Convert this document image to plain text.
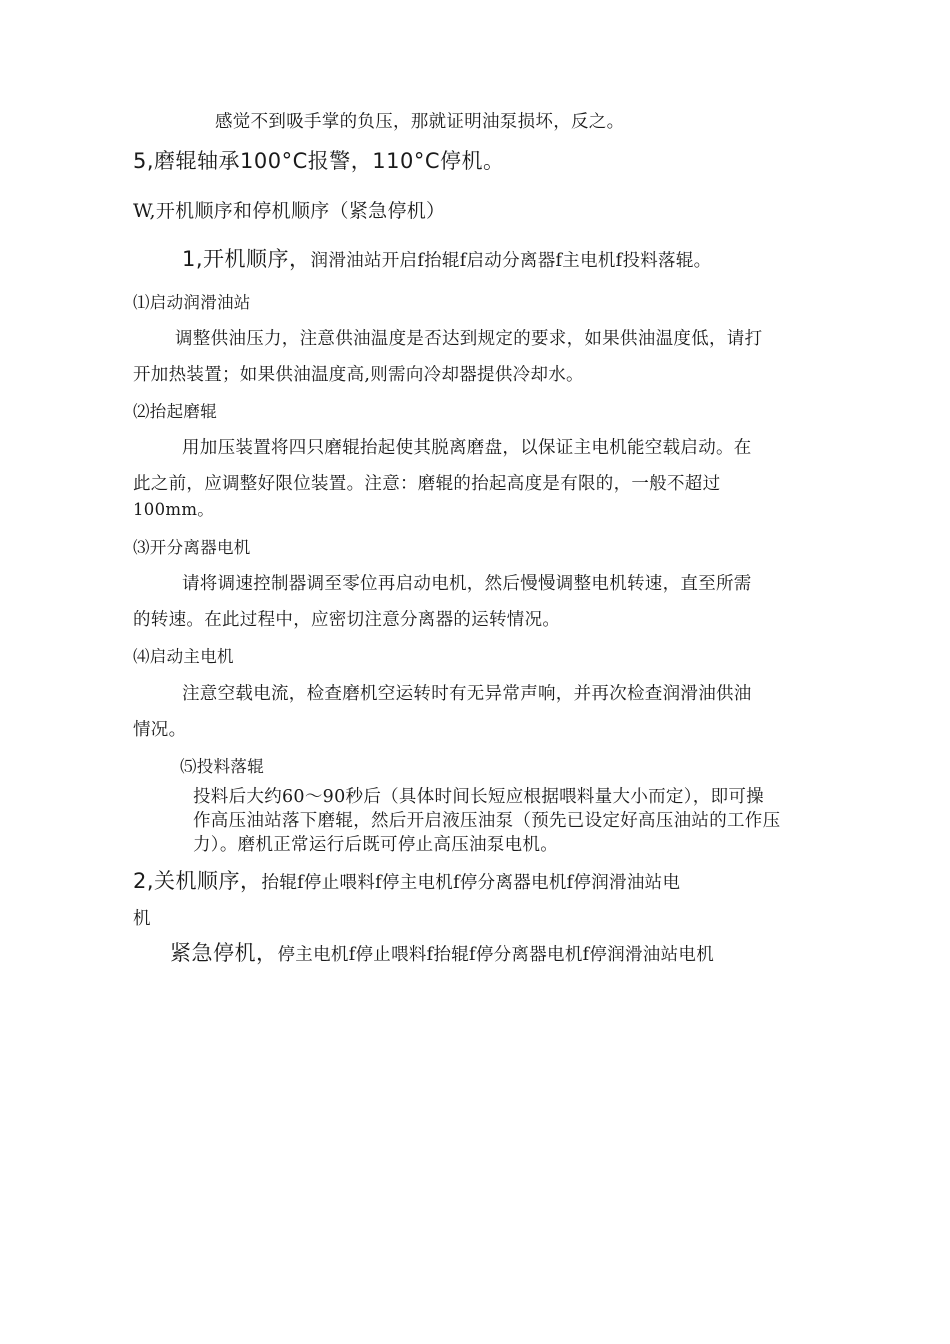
感觉不到吸手掌的负压，那就证明油泵损坏，反之。
5,磨辊轴承100°C报警，110°C停机。
W,开机顺序和停机顺序（紧急停机）
1,开机顺序，润滑油站开启f抬辊f启动分离器f主电机f投料落辊。
⑴启动润滑油站
调整供油压力，注意供油温度是否达到规定的要求，如果供油温度低，请打
开加热装置；如果供油温度高,则需向冷却器提供冷却水。
⑵抬起磨辊
用加压装置将四只磨辊抬起使其脱离磨盘，以保证主电机能空载启动。在
此之前，应调整好限位装置。注意：磨辊的抬起高度是有限的，一般不超过
100mm。
⑶开分离器电机
请将调速控制器调至零位再启动电机，然后慢慢调整电机转速，直至所需
的转速。在此过程中，应密切注意分离器的运转情况。
⑷启动主电机
注意空载电流，检查磨机空运转时有无异常声响，并再次检查润滑油供油
情况。
⑸投料落辊
投料后大约60〜90秒后（具体时间长短应根据喂料量大小而定），即可操
作高压油站落下磨辊，然后开启液压油泵（预先已设定好高压油站的工作压
力）。磨机正常运行后既可停止高压油泵电机。
2,关机顺序，抬辊f停止喂料f停主电机f停分离器电机f停润滑油站电
机
紧急停机，停主电机f停止喂料f抬辊f停分离器电机f停润滑油站电机
